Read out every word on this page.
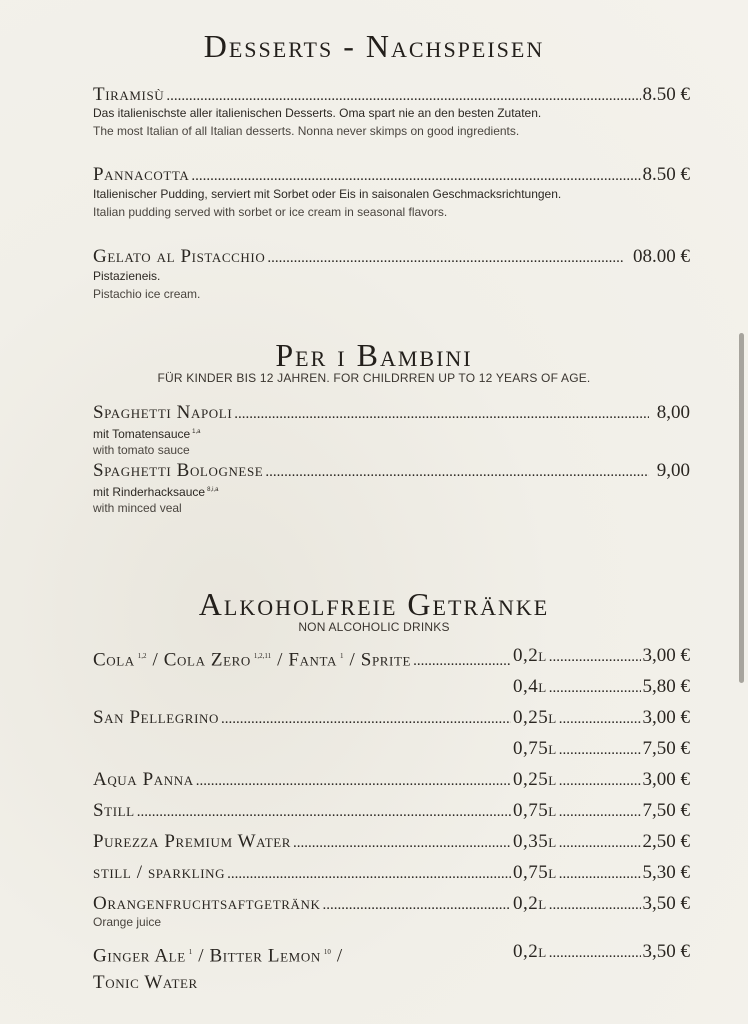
Desserts - Nachspeisen
Tiramisù .....	8.50 €
Das italienischste aller italienischen Desserts. Oma spart nie an den besten Zutaten.
The most Italian of all Italian desserts. Nonna never skimps on good ingredients.
Pannacotta .....	8.50 €
Italienischer Pudding, serviert mit Sorbet oder Eis in saisonalen Geschmacksrichtungen.
Italian pudding served with sorbet or ice cream in seasonal flavors.
Gelato al Pistacchio .....	08.00 €
Pistazieneis.
Pistachio ice cream.
Per i Bambini
FÜR KINDER BIS 12 JAHREN. FOR CHILDRREN UP TO 12 YEARS OF AGE.
Spaghetti Napoli .....	8,00
mit Tomatensauce $^{1,a}$
with tomato sauce
Spaghetti Bolognese .....	9,00
mit Rinderhacksauce $^{8,i,a}$
with minced veal
Alkoholfreie Getränke
NON ALCOHOLIC DRINKS
Cola $^{1,2}$ / Cola Zero $^{1,2,11}$ / Fanta $^1$ / Sprite .....	0,2l .....	3,00 €
0,4l .....	5,80 €
San Pellegrino .....	0,25l .....	3,00 €
0,75l .....	7,50 €
Aqua Panna .....	0,25l .....	3,00 €
Still .....	0,75l .....	7,50 €
Purezza Premium Water .....	0,35l .....	2,50 €
still / sparkling .....	0,75l .....	5,30 €
Orangenfruchtsaftgetränk .....	0,2l .....	3,50 €
Orange juice
Ginger Ale $^1$ / Bitter Lemon $^{10}$ /	0,2l .....	3,50 €
Tonic Water
